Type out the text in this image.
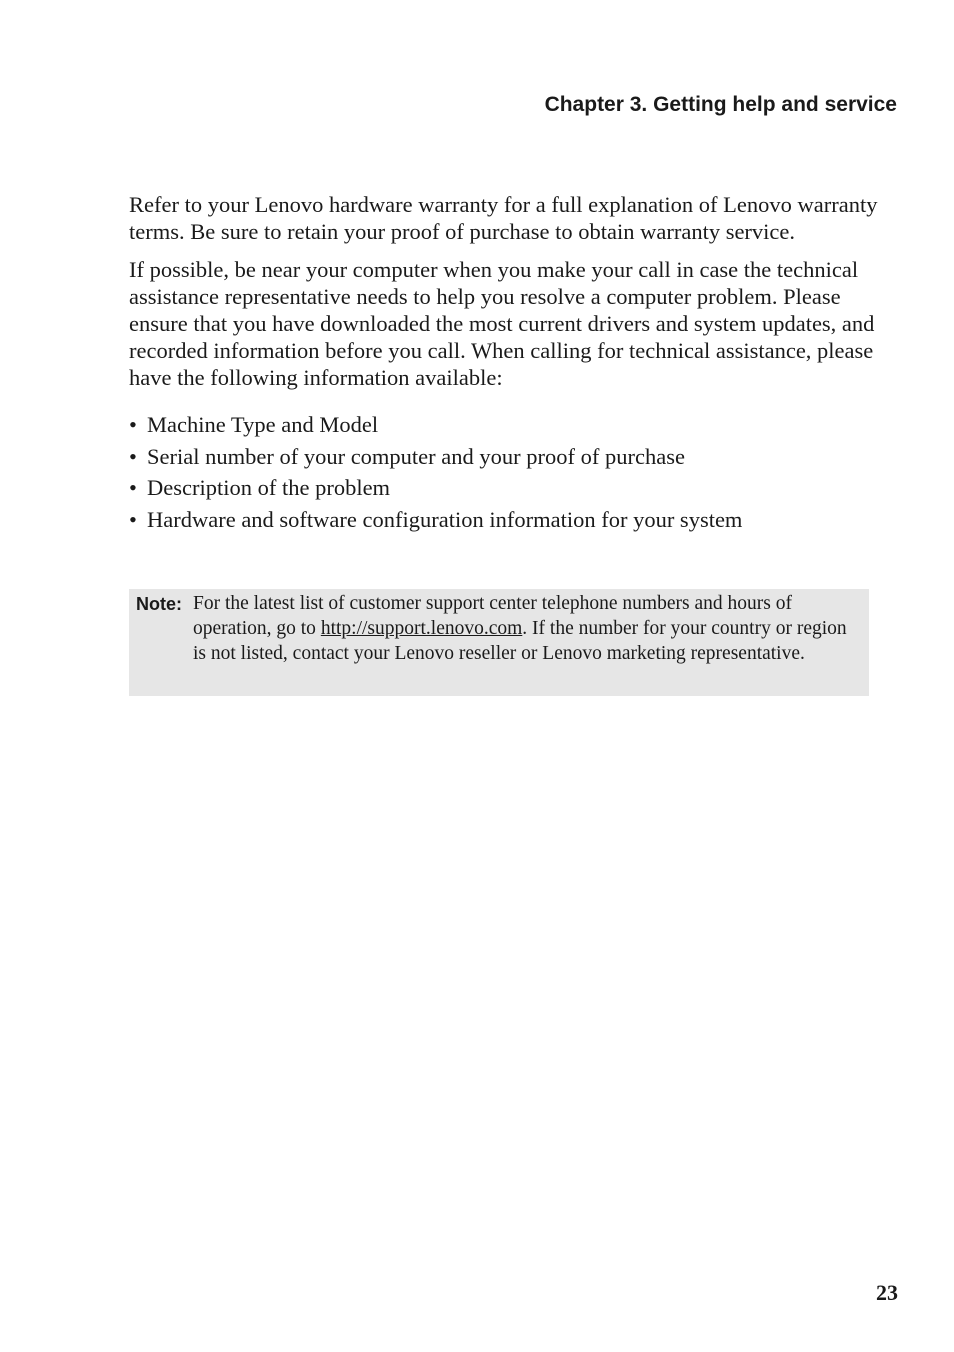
Chapter 3. Getting help and service

Refer to your Lenovo hardware warranty for a full explanation of Lenovo warranty terms. Be sure to retain your proof of purchase to obtain warranty service.

If possible, be near your computer when you make your call in case the technical assistance representative needs to help you resolve a computer problem. Please ensure that you have downloaded the most current drivers and system updates, and recorded information before you call. When calling for technical assistance, please have the following information available:

• Machine Type and Model
• Serial number of your computer and your proof of purchase
• Description of the problem
• Hardware and software configuration information for your system
Note: For the latest list of customer support center telephone numbers and hours of operation, go to http://support.lenovo.com. If the number for your country or region is not listed, contact your Lenovo reseller or Lenovo marketing representative.

23
